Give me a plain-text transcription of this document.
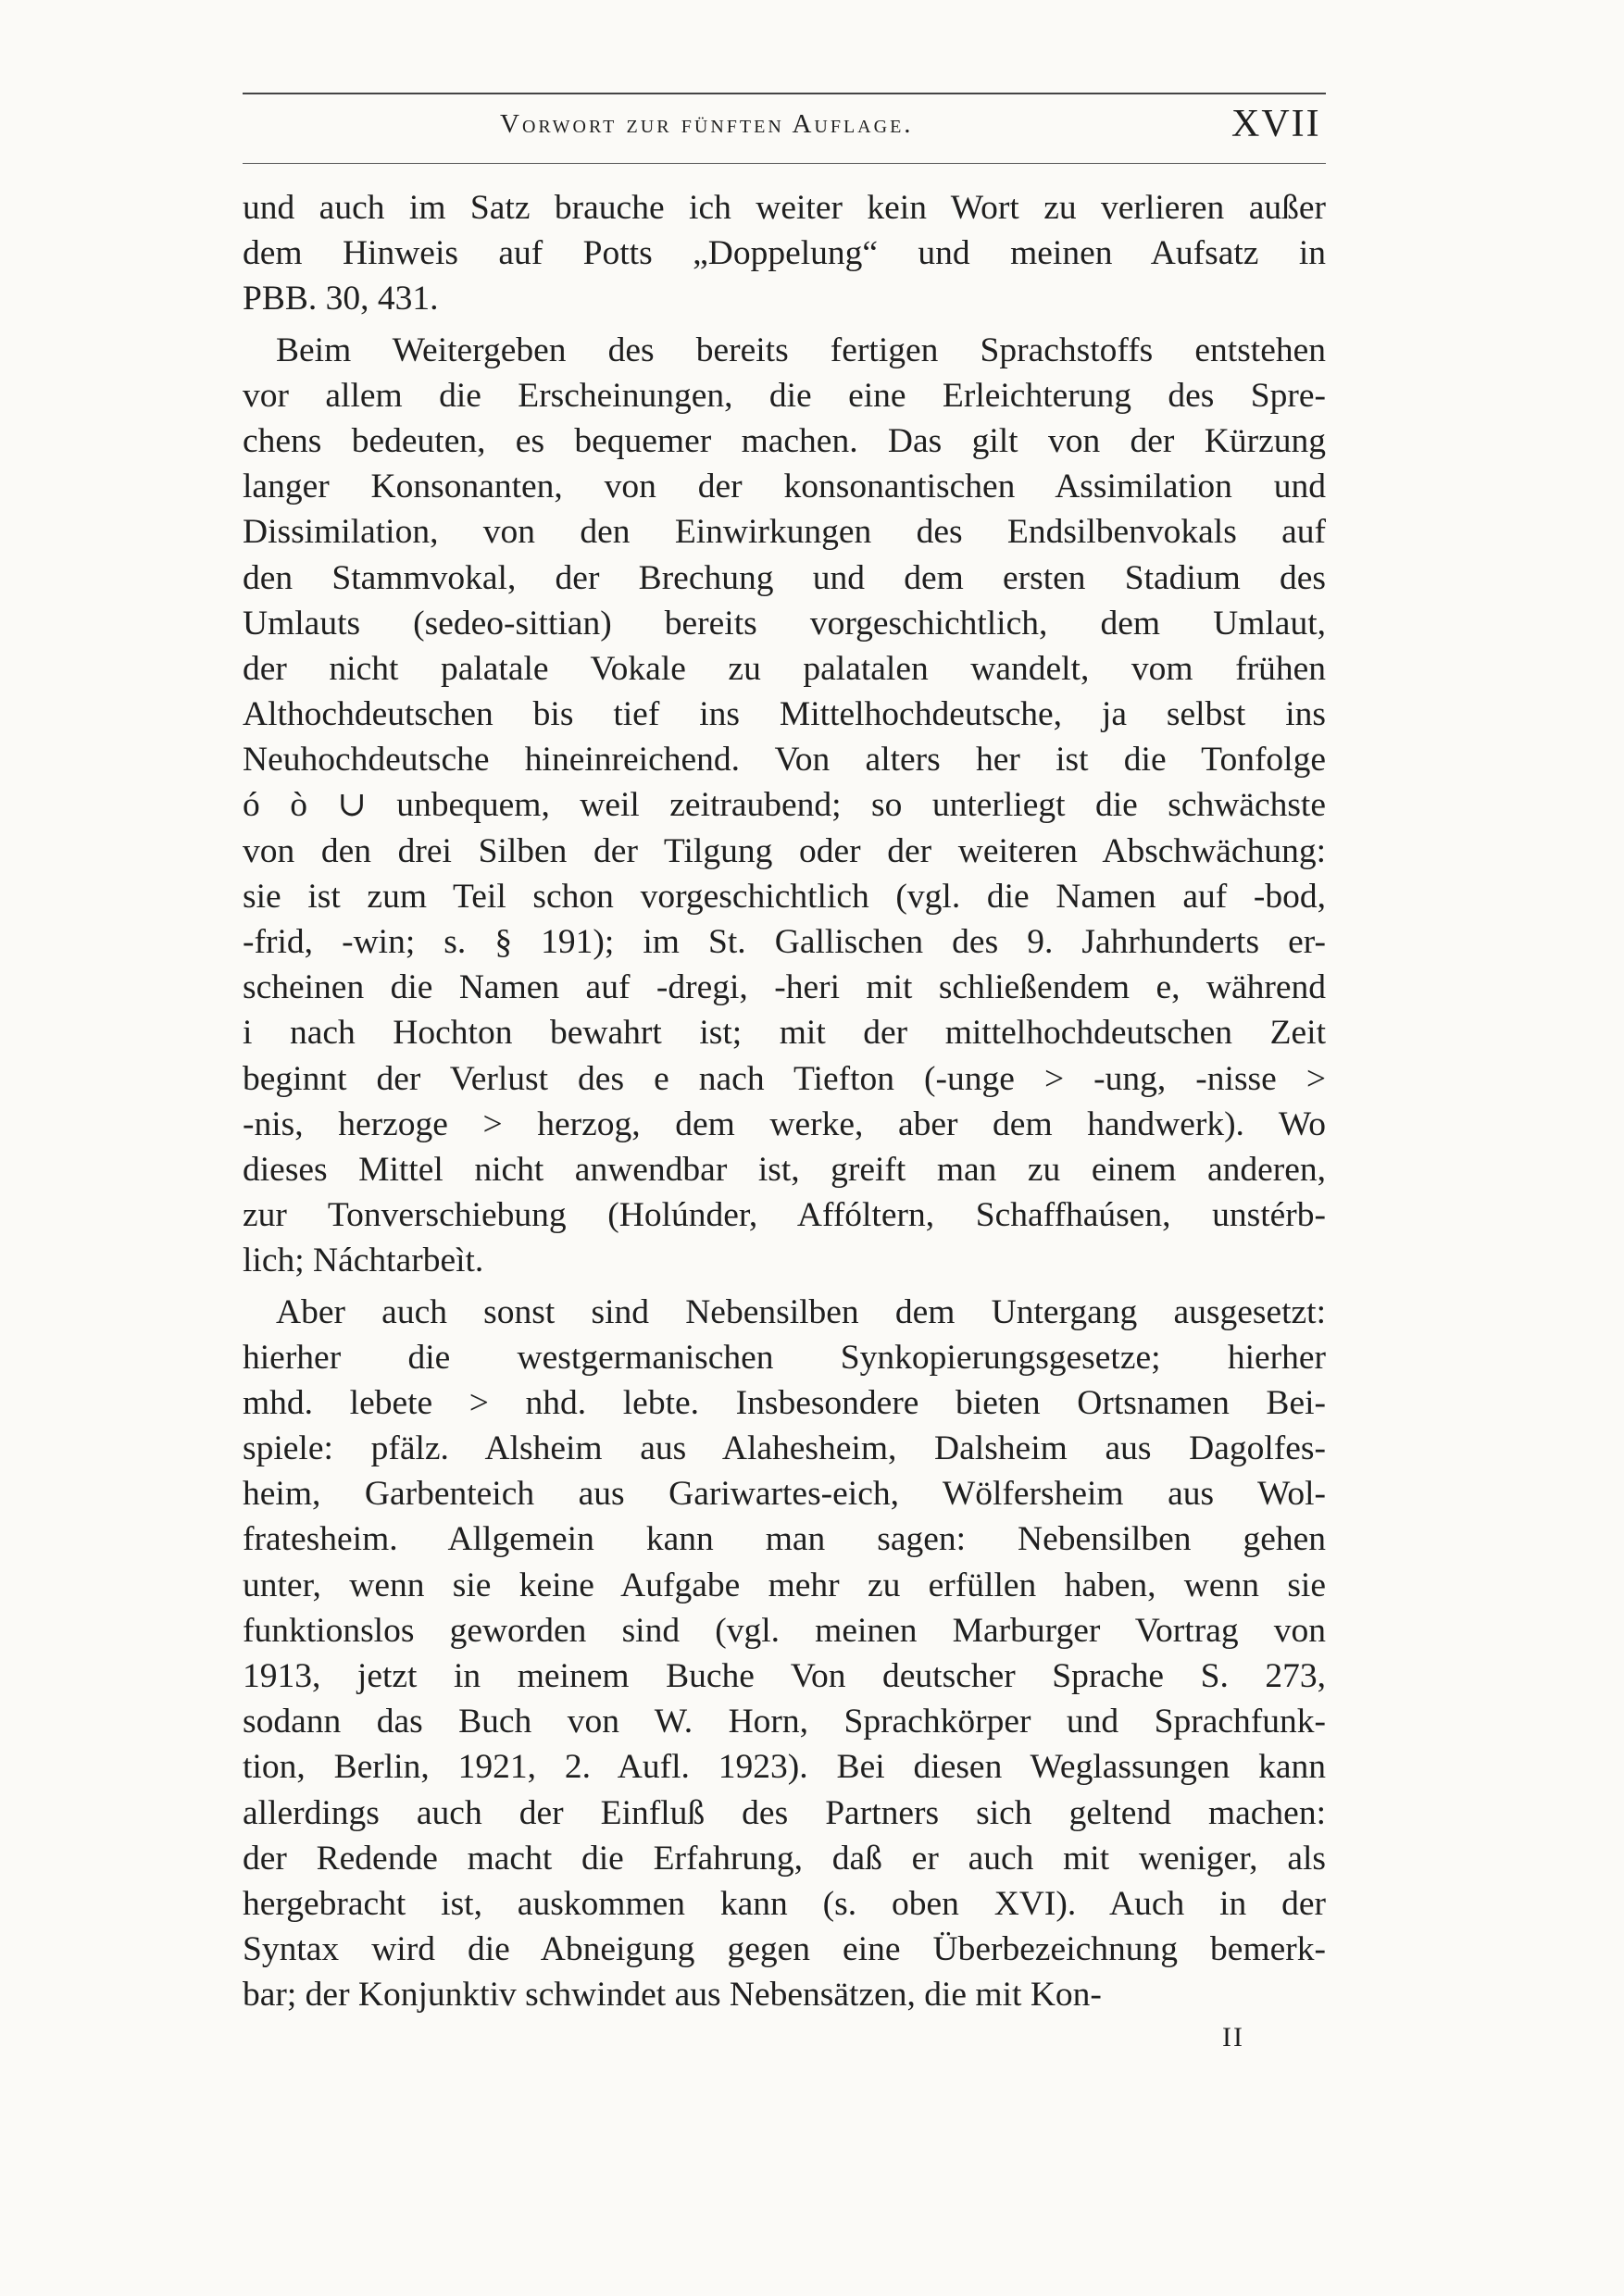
Vorwort zur fünften Auflage.	XVII
und auch im Satz brauche ich weiter kein Wort zu verlieren außer
dem Hinweis auf Potts „Doppelung“ und meinen Aufsatz in
PBB. 30, 431.
Beim Weitergeben des bereits fertigen Sprachstoffs entstehen
vor allem die Erscheinungen, die eine Erleichterung des Spre-
chens bedeuten, es bequemer machen. Das gilt von der Kürzung
langer Konsonanten, von der konsonantischen Assimilation und
Dissimilation, von den Einwirkungen des Endsilbenvokals auf
den Stammvokal, der Brechung und dem ersten Stadium des
Umlauts (sedeo-sittian) bereits vorgeschichtlich, dem Umlaut,
der nicht palatale Vokale zu palatalen wandelt, vom frühen
Althochdeutschen bis tief ins Mittelhochdeutsche, ja selbst ins
Neuhochdeutsche hineinreichend. Von alters her ist die Tonfolge
ó ò ∪ unbequem, weil zeitraubend; so unterliegt die schwächste
von den drei Silben der Tilgung oder der weiteren Abschwächung:
sie ist zum Teil schon vorgeschichtlich (vgl. die Namen auf -bod,
-frid, -win; s. § 191); im St. Gallischen des 9. Jahrhunderts er-
scheinen die Namen auf -dregi, -heri mit schließendem e, während
i nach Hochton bewahrt ist; mit der mittelhochdeutschen Zeit
beginnt der Verlust des e nach Tiefton (-unge > -ung, -nisse >
-nis, herzoge > herzog, dem werke, aber dem handwerk). Wo
dieses Mittel nicht anwendbar ist, greift man zu einem anderen,
zur Tonverschiebung (Holúnder, Affóltern, Schaffhaúsen, unstérb-
lich; Náchtarbeìt.
Aber auch sonst sind Nebensilben dem Untergang ausgesetzt:
hierher die westgermanischen Synkopierungsgesetze; hierher
mhd. lebete > nhd. lebte. Insbesondere bieten Ortsnamen Bei-
spiele: pfälz. Alsheim aus Alahesheim, Dalsheim aus Dagolfes-
heim, Garbenteich aus Gariwartes-eich, Wölfersheim aus Wol-
fratesheim. Allgemein kann man sagen: Nebensilben gehen
unter, wenn sie keine Aufgabe mehr zu erfüllen haben, wenn sie
funktionslos geworden sind (vgl. meinen Marburger Vortrag von
1913, jetzt in meinem Buche Von deutscher Sprache S. 273,
sodann das Buch von W. Horn, Sprachkörper und Sprachfunk-
tion, Berlin, 1921, 2. Aufl. 1923). Bei diesen Weglassungen kann
allerdings auch der Einfluß des Partners sich geltend machen:
der Redende macht die Erfahrung, daß er auch mit weniger, als
hergebracht ist, auskommen kann (s. oben XVI). Auch in der
Syntax wird die Abneigung gegen eine Überbezeichnung bemerk-
bar; der Konjunktiv schwindet aus Nebensätzen, die mit Kon-
II
